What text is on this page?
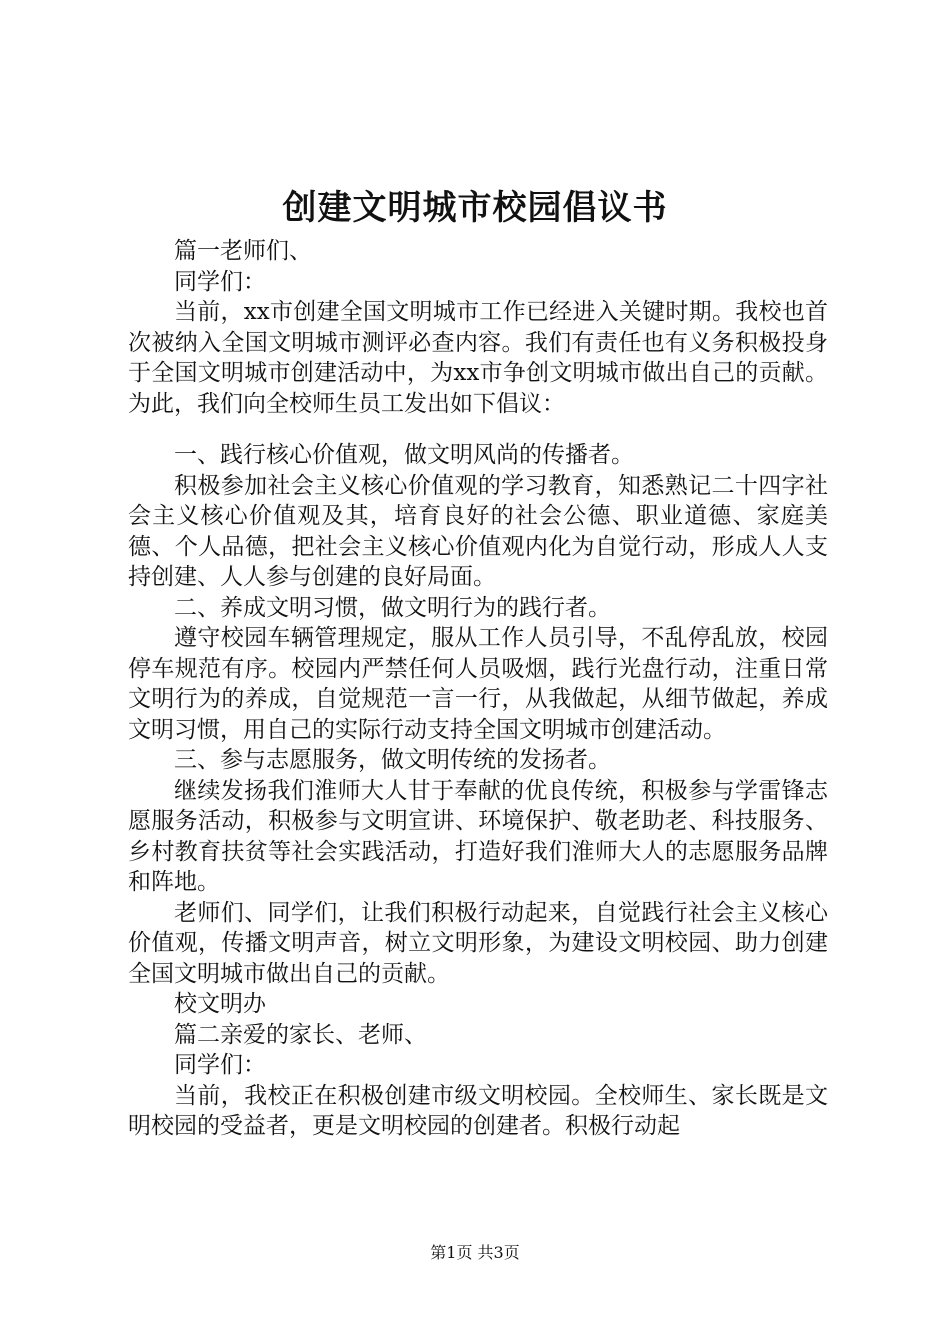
创建文明城市校园倡议书

篇一老师们、

同学们：

当前，xx市创建全国文明城市工作已经进入关键时期。我校也首次被纳入全国文明城市测评必查内容。我们有责任也有义务积极投身于全国文明城市创建活动中，为xx市争创文明城市做出自己的贡献。为此，我们向全校师生员工发出如下倡议：

一、践行核心价值观，做文明风尚的传播者。

积极参加社会主义核心价值观的学习教育，知悉熟记二十四字社会主义核心价值观及其，培育良好的社会公德、职业道德、家庭美德、个人品德，把社会主义核心价值观内化为自觉行动，形成人人支持创建、人人参与创建的良好局面。

二、养成文明习惯，做文明行为的践行者。

遵守校园车辆管理规定，服从工作人员引导，不乱停乱放，校园停车规范有序。校园内严禁任何人员吸烟，践行光盘行动，注重日常文明行为的养成，自觉规范一言一行，从我做起，从细节做起，养成文明习惯，用自己的实际行动支持全国文明城市创建活动。

三、参与志愿服务，做文明传统的发扬者。

继续发扬我们淮师大人甘于奉献的优良传统，积极参与学雷锋志愿服务活动，积极参与文明宣讲、环境保护、敬老助老、科技服务、乡村教育扶贫等社会实践活动，打造好我们淮师大人的志愿服务品牌和阵地。

老师们、同学们，让我们积极行动起来，自觉践行社会主义核心价值观，传播文明声音，树立文明形象，为建设文明校园、助力创建全国文明城市做出自己的贡献。

校文明办

篇二亲爱的家长、老师、

同学们：

当前，我校正在积极创建市级文明校园。全校师生、家长既是文明校园的受益者，更是文明校园的创建者。积极行动起

第1页 共3页
